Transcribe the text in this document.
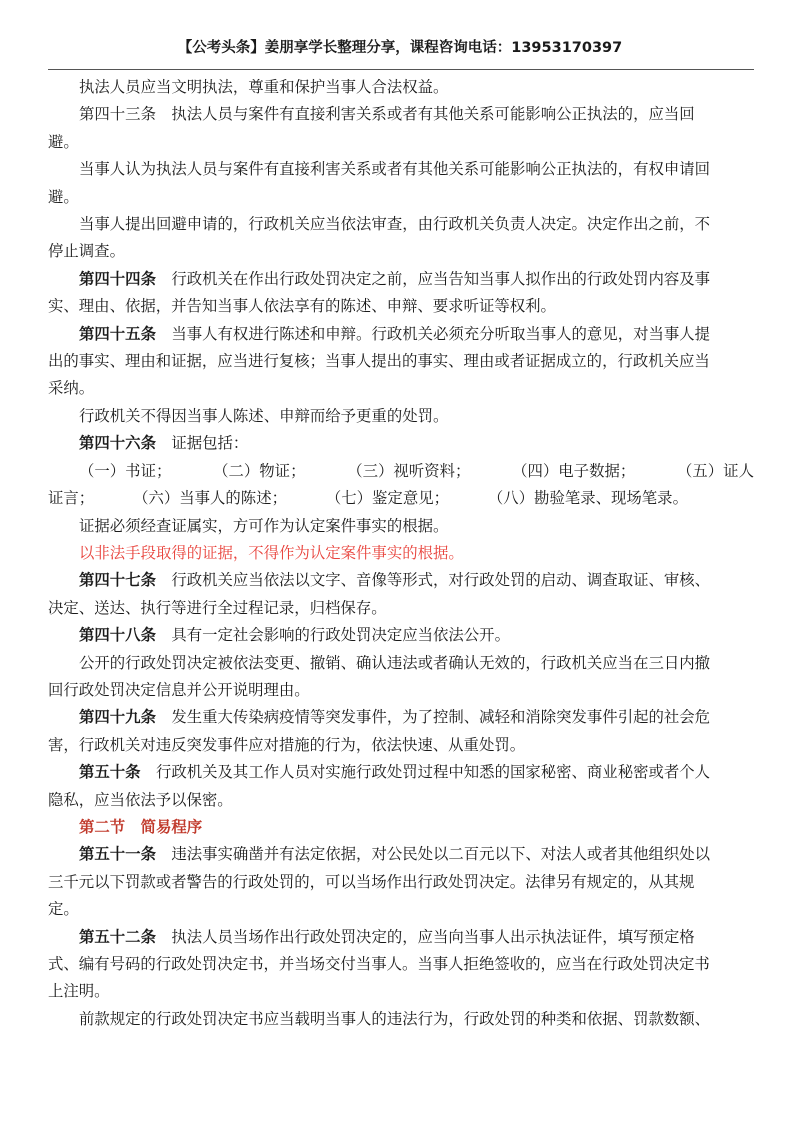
【公考头条】姜朋享学长整理分享，课程咨询电话：13953170397

执法人员应当文明执法，尊重和保护当事人合法权益。

第四十三条　执法人员与案件有直接利害关系或者有其他关系可能影响公正执法的，应当回
避。

当事人认为执法人员与案件有直接利害关系或者有其他关系可能影响公正执法的，有权申请回
避。

当事人提出回避申请的，行政机关应当依法审查，由行政机关负责人决定。决定作出之前，不
停止调查。

第四十四条　行政机关在作出行政处罚决定之前，应当告知当事人拟作出的行政处罚内容及事
实、理由、依据，并告知当事人依法享有的陈述、申辩、要求听证等权利。

第四十五条　当事人有权进行陈述和申辩。行政机关必须充分听取当事人的意见，对当事人提
出的事实、理由和证据，应当进行复核；当事人提出的事实、理由或者证据成立的，行政机关应当
采纳。

行政机关不得因当事人陈述、申辩而给予更重的处罚。

第四十六条　证据包括：

（一）书证；	（二）物证；	（三）视听资料；	（四）电子数据；	（五）证人
证言；	（六）当事人的陈述；	（七）鉴定意见；	（八）勘验笔录、现场笔录。

证据必须经查证属实，方可作为认定案件事实的根据。

以非法手段取得的证据，不得作为认定案件事实的根据。

第四十七条　行政机关应当依法以文字、音像等形式，对行政处罚的启动、调查取证、审核、
决定、送达、执行等进行全过程记录，归档保存。

第四十八条　具有一定社会影响的行政处罚决定应当依法公开。

公开的行政处罚决定被依法变更、撤销、确认违法或者确认无效的，行政机关应当在三日内撤
回行政处罚决定信息并公开说明理由。

第四十九条　发生重大传染病疫情等突发事件，为了控制、减轻和消除突发事件引起的社会危
害，行政机关对违反突发事件应对措施的行为，依法快速、从重处罚。

第五十条　行政机关及其工作人员对实施行政处罚过程中知悉的国家秘密、商业秘密或者个人
隐私，应当依法予以保密。

第二节　简易程序

第五十一条　违法事实确凿并有法定依据，对公民处以二百元以下、对法人或者其他组织处以
三千元以下罚款或者警告的行政处罚的，可以当场作出行政处罚决定。法律另有规定的，从其规
定。

第五十二条　执法人员当场作出行政处罚决定的，应当向当事人出示执法证件，填写预定格
式、编有号码的行政处罚决定书，并当场交付当事人。当事人拒绝签收的，应当在行政处罚决定书
上注明。

前款规定的行政处罚决定书应当载明当事人的违法行为，行政处罚的种类和依据、罚款数额、
